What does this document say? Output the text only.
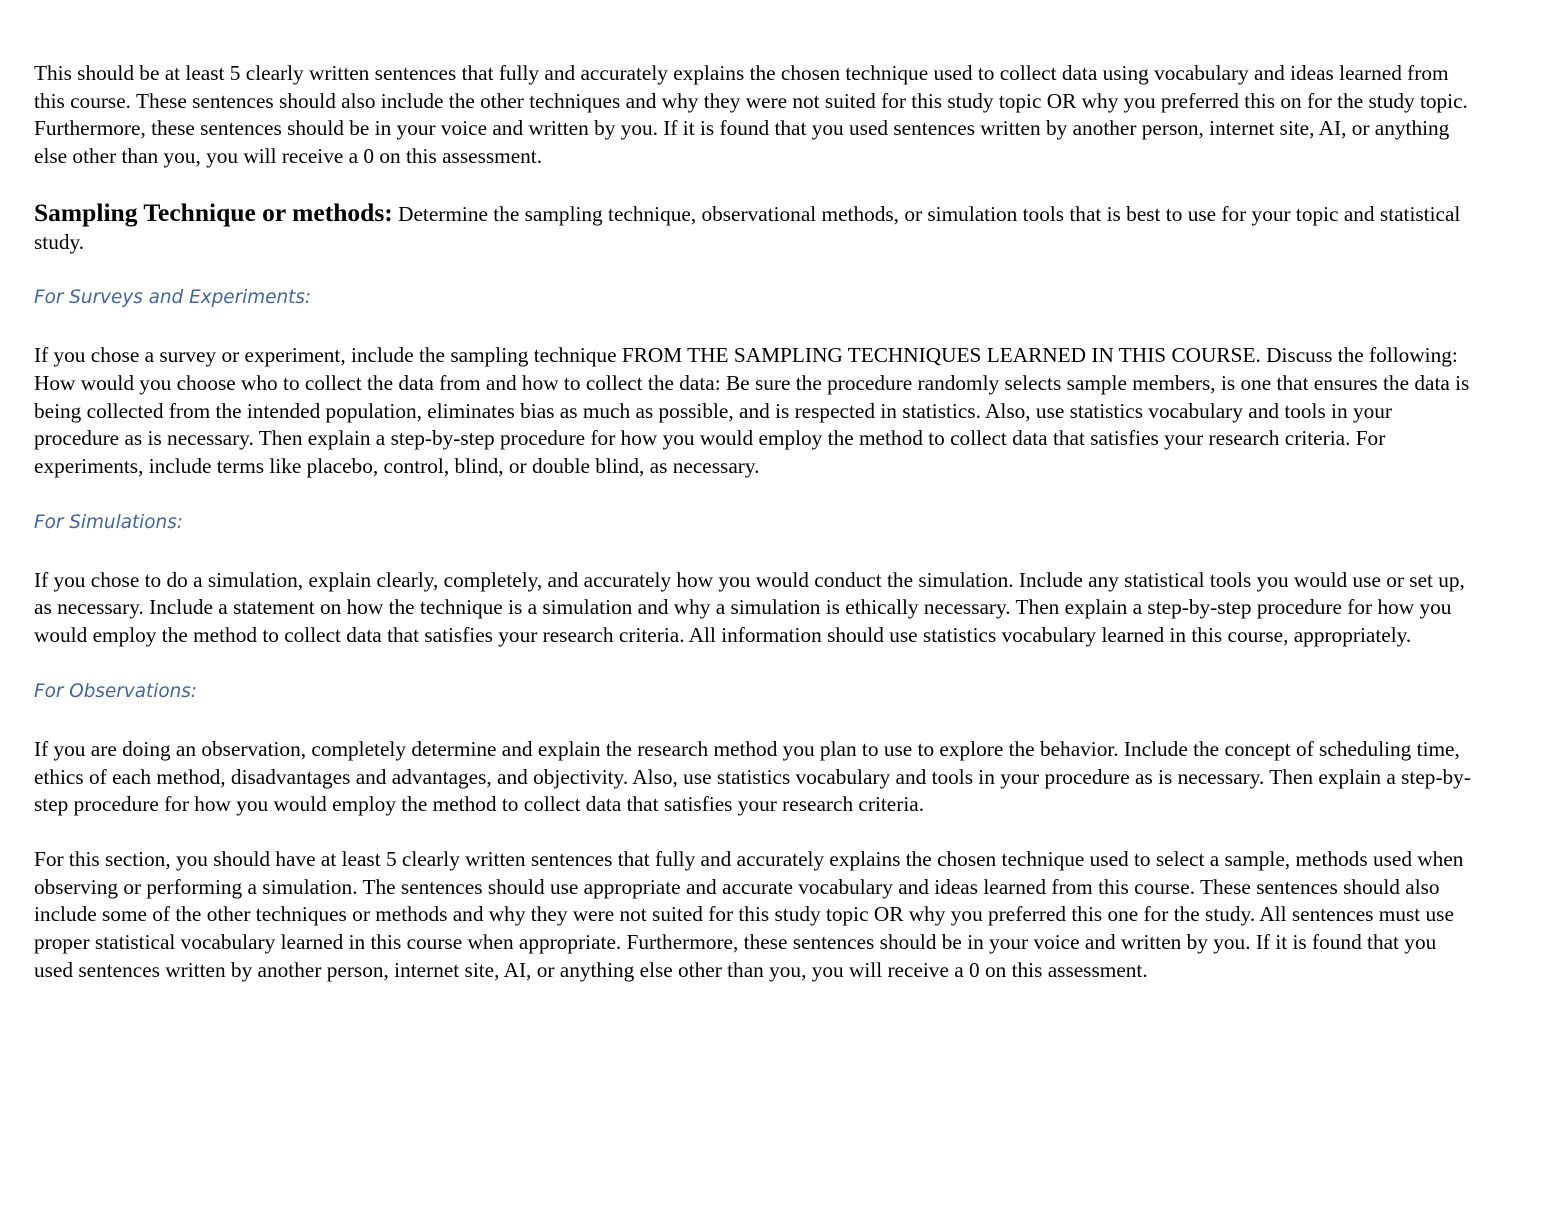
This should be at least 5 clearly written sentences that fully and accurately explains the chosen technique used to collect data using vocabulary and ideas learned from this course. These sentences should also include the other techniques and why they were not suited for this study topic OR why you preferred this on for the study topic. Furthermore, these sentences should be in your voice and written by you. If it is found that you used sentences written by another person, internet site, AI, or anything else other than you, you will receive a 0 on this assessment.

Sampling Technique or methods: Determine the sampling technique, observational methods, or simulation tools that is best to use for your topic and statistical study.

For Surveys and Experiments:

If you chose a survey or experiment, include the sampling technique FROM THE SAMPLING TECHNIQUES LEARNED IN THIS COURSE. Discuss the following: How would you choose who to collect the data from and how to collect the data: Be sure the procedure randomly selects sample members, is one that ensures the data is being collected from the intended population, eliminates bias as much as possible, and is respected in statistics. Also, use statistics vocabulary and tools in your procedure as is necessary. Then explain a step-by-step procedure for how you would employ the method to collect data that satisfies your research criteria. For experiments, include terms like placebo, control, blind, or double blind, as necessary.

For Simulations:

If you chose to do a simulation, explain clearly, completely, and accurately how you would conduct the simulation. Include any statistical tools you would use or set up, as necessary. Include a statement on how the technique is a simulation and why a simulation is ethically necessary. Then explain a step-by-step procedure for how you would employ the method to collect data that satisfies your research criteria. All information should use statistics vocabulary learned in this course, appropriately.

For Observations:

If you are doing an observation, completely determine and explain the research method you plan to use to explore the behavior. Include the concept of scheduling time, ethics of each method, disadvantages and advantages, and objectivity. Also, use statistics vocabulary and tools in your procedure as is necessary. Then explain a step-by-step procedure for how you would employ the method to collect data that satisfies your research criteria.

For this section, you should have at least 5 clearly written sentences that fully and accurately explains the chosen technique used to select a sample, methods used when observing or performing a simulation. The sentences should use appropriate and accurate vocabulary and ideas learned from this course. These sentences should also include some of the other techniques or methods and why they were not suited for this study topic OR why you preferred this one for the study. All sentences must use proper statistical vocabulary learned in this course when appropriate. Furthermore, these sentences should be in your voice and written by you. If it is found that you used sentences written by another person, internet site, AI, or anything else other than you, you will receive a 0 on this assessment.
